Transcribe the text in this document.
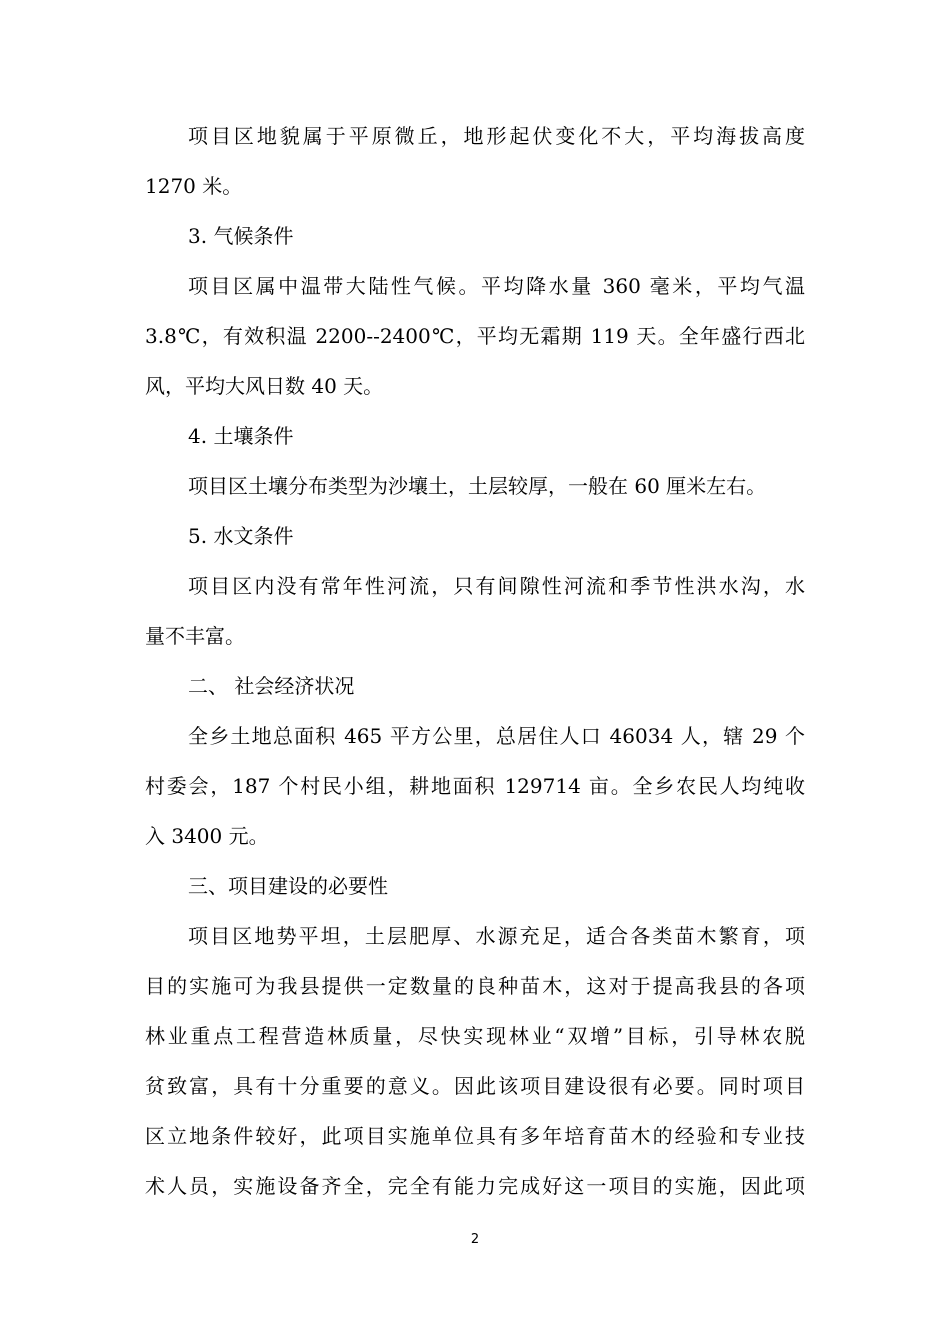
项目区地貌属于平原微丘，地形起伏变化不大，平均海拔高度
1270 米。
3. 气候条件
项目区属中温带大陆性气候。平均降水量 360 毫米，平均气温
3.8℃，有效积温 2200--2400℃，平均无霜期 119 天。全年盛行西北
风，平均大风日数 40 天。
4. 土壤条件
项目区土壤分布类型为沙壤土，土层较厚，一般在 60 厘米左右。
5. 水文条件
项目区内没有常年性河流，只有间隙性河流和季节性洪水沟，水
量不丰富。
二、 社会经济状况
全乡土地总面积 465 平方公里，总居住人口 46034 人，辖 29 个
村委会，187 个村民小组，耕地面积 129714 亩。全乡农民人均纯收
入 3400 元。
三、项目建设的必要性
项目区地势平坦，土层肥厚、水源充足，适合各类苗木繁育，项
目的实施可为我县提供一定数量的良种苗木，这对于提高我县的各项
林业重点工程营造林质量，尽快实现林业“双增”目标，引导林农脱
贫致富，具有十分重要的意义。因此该项目建设很有必要。同时项目
区立地条件较好，此项目实施单位具有多年培育苗木的经验和专业技
术人员，实施设备齐全，完全有能力完成好这一项目的实施，因此项
2
